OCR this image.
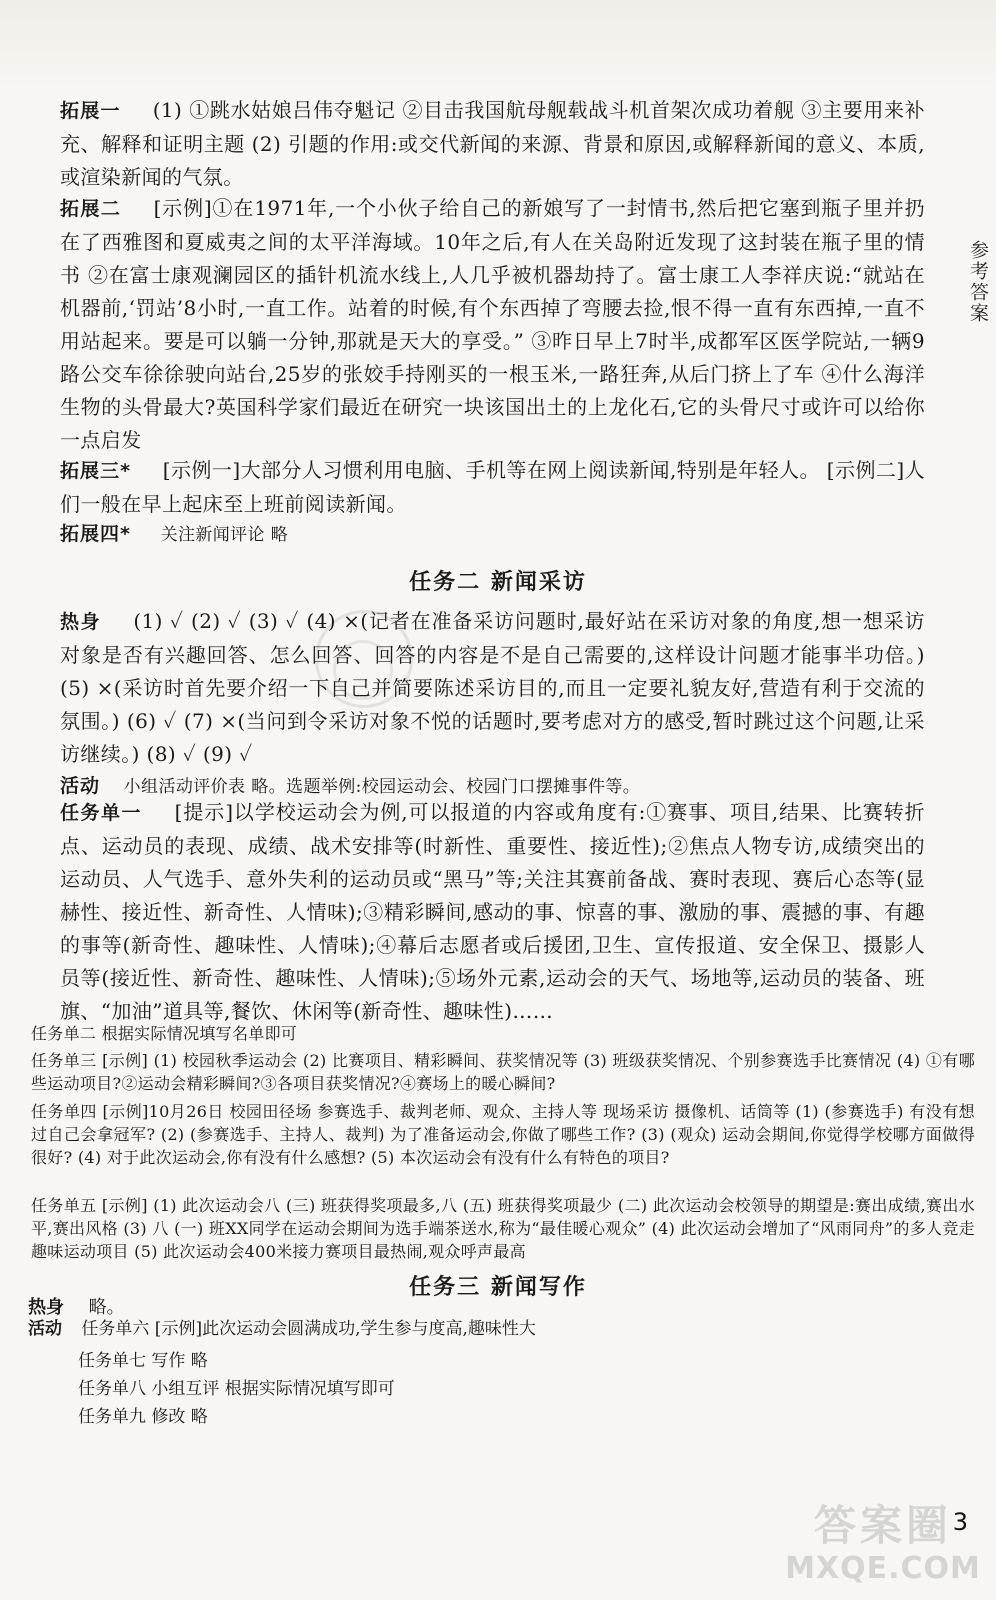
参考答案
拓展一 (1) ①跳水姑娘吕伟夺魁记 ②目击我国航母舰载战斗机首架次成功着舰 ③主要用来补充、解释和证明主题 (2) 引题的作用:或交代新闻的来源、背景和原因,或解释新闻的意义、本质,或渲染新闻的气氛。
拓展二 [示例]①在1971年,一个小伙子给自己的新娘写了一封情书,然后把它塞到瓶子里并扔在了西雅图和夏威夷之间的太平洋海域。10年之后,有人在关岛附近发现了这封装在瓶子里的情书 ②在富士康观澜园区的插针机流水线上,人几乎被机器劫持了。富士康工人李祥庆说:“就站在机器前,‘罚站’8小时,一直工作。站着的时候,有个东西掉了弯腰去捡,恨不得一直有东西掉,一直不用站起来。要是可以躺一分钟,那就是天大的享受。” ③昨日早上7时半,成都军区医学院站,一辆9路公交车徐徐驶向站台,25岁的张姣手持刚买的一根玉米,一路狂奔,从后门挤上了车 ④什么海洋生物的头骨最大?英国科学家们最近在研究一块该国出土的上龙化石,它的头骨尺寸或许可以给你一点启发
拓展三* [示例一]大部分人习惯利用电脑、手机等在网上阅读新闻,特别是年轻人。 [示例二]人们一般在早上起床至上班前阅读新闻。
拓展四* 关注新闻评论 略
任务二 新闻采访
热身 (1) ✓ (2) ✓ (3) ✓ (4) ×(记者在准备采访问题时,最好站在采访对象的角度,想一想采访对象是否有兴趣回答、怎么回答、回答的内容是不是自己需要的,这样设计问题才能事半功倍。) (5) ×(采访时首先要介绍一下自己并简要陈述采访目的,而且一定要礼貌友好,营造有利于交流的氛围。) (6) ✓ (7) ×(当问到令采访对象不悦的话题时,要考虑对方的感受,暂时跳过这个问题,让采访继续。) (8) ✓ (9) ✓
活动 小组活动评价表 略。选题举例:校园运动会、校园门口摆摊事件等。
任务单一 [提示]以学校运动会为例,可以报道的内容或角度有:①赛事、项目,结果、比赛转折点、运动员的表现、成绩、战术安排等(时新性、重要性、接近性);②焦点人物专访,成绩突出的运动员、人气选手、意外失利的运动员或“黑马”等;关注其赛前备战、赛时表现、赛后心态等(显赫性、接近性、新奇性、人情味);③精彩瞬间,感动的事、惊喜的事、激励的事、震撼的事、有趣的事等(新奇性、趣味性、人情味);④幕后志愿者或后援团,卫生、宣传报道、安全保卫、摄影人员等(接近性、新奇性、趣味性、人情味);⑤场外元素,运动会的天气、场地等,运动员的装备、班旗、“加油”道具等,餐饮、休闲等(新奇性、趣味性)……
任务单二 根据实际情况填写名单即可
任务单三 [示例] (1) 校园秋季运动会 (2) 比赛项目、精彩瞬间、获奖情况等 (3) 班级获奖情况、个别参赛选手比赛情况 (4) ①有哪些运动项目?②运动会精彩瞬间?③各项目获奖情况?④赛场上的暖心瞬间?
任务单四 [示例]10月26日 校园田径场 参赛选手、裁判老师、观众、主持人等 现场采访 摄像机、话筒等 (1) (参赛选手) 有没有想过自己会拿冠军? (2) (参赛选手、主持人、裁判) 为了准备运动会,你做了哪些工作? (3) (观众) 运动会期间,你觉得学校哪方面做得很好? (4) 对于此次运动会,你有没有什么感想? (5) 本次运动会有没有什么有特色的项目?
任务单五 [示例] (1) 此次运动会八 (三) 班获得奖项最多,八 (五) 班获得奖项最少 (二) 此次运动会校领导的期望是:赛出成绩,赛出水平,赛出风格 (3) 八 (一) 班XX同学在运动会期间为选手端茶送水,称为“最佳暖心观众” (4) 此次运动会增加了“风雨同舟”的多人竞走趣味运动项目 (5) 此次运动会400米接力赛项目最热闹,观众呼声最高
任务三 新闻写作
热身 略。
活动 任务单六 [示例]此次运动会圆满成功,学生参与度高,趣味性大
任务单七 写作 略
任务单八 小组互评 根据实际情况填写即可
任务单九 修改 略
3
答案圈
MXQE.COM
